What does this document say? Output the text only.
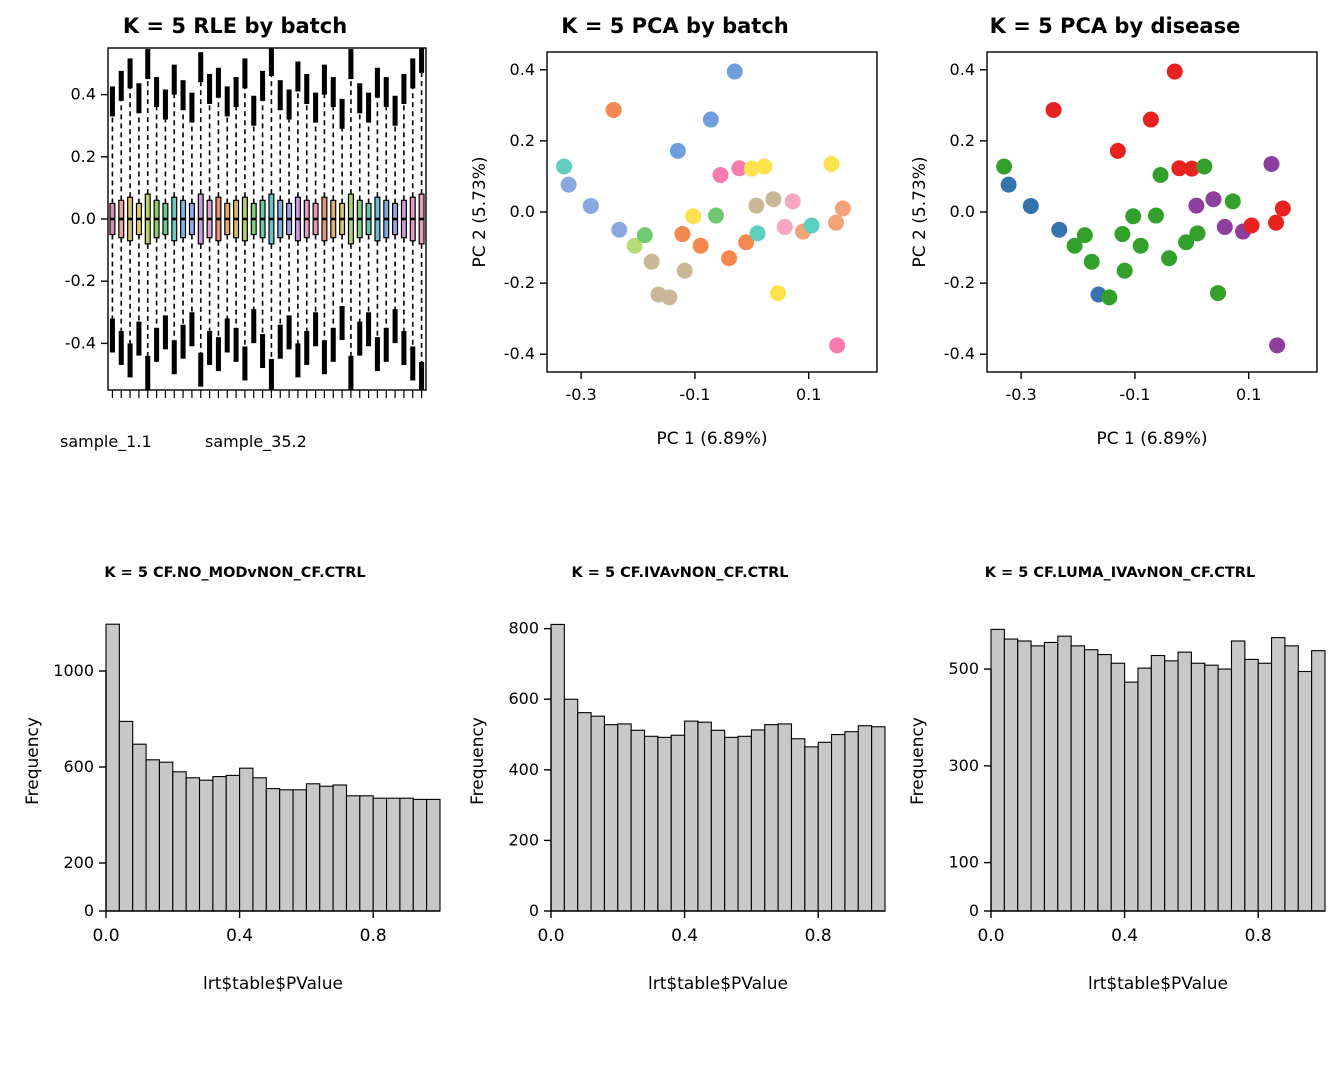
K = 5 RLE by batch
-0.4
-0.2
0.0
0.2
0.4
sample_1.1	sample_35.2
K = 5 PCA by batch
-0.4
-0.2
0.0
0.2
0.4
-0.3	-0.1	0.1
PC 1 (6.89%)
PC 2 (5.73%)
K = 5 PCA by disease
-0.4
-0.2
0.0
0.2
0.4
-0.3	-0.1	0.1
PC 1 (6.89%)
PC 2 (5.73%)
K = 5 CF.NO_MODvNON_CF.CTRL
0
200
600
1000
0.0	0.4	0.8
lrt$table$PValue
Frequency
K = 5 CF.IVAvNON_CF.CTRL
0
200
400
600
800
0.0	0.4	0.8
lrt$table$PValue
Frequency
K = 5 CF.LUMA_IVAvNON_CF.CTRL
0
100
300
500
0.0	0.4	0.8
lrt$table$PValue
Frequency
